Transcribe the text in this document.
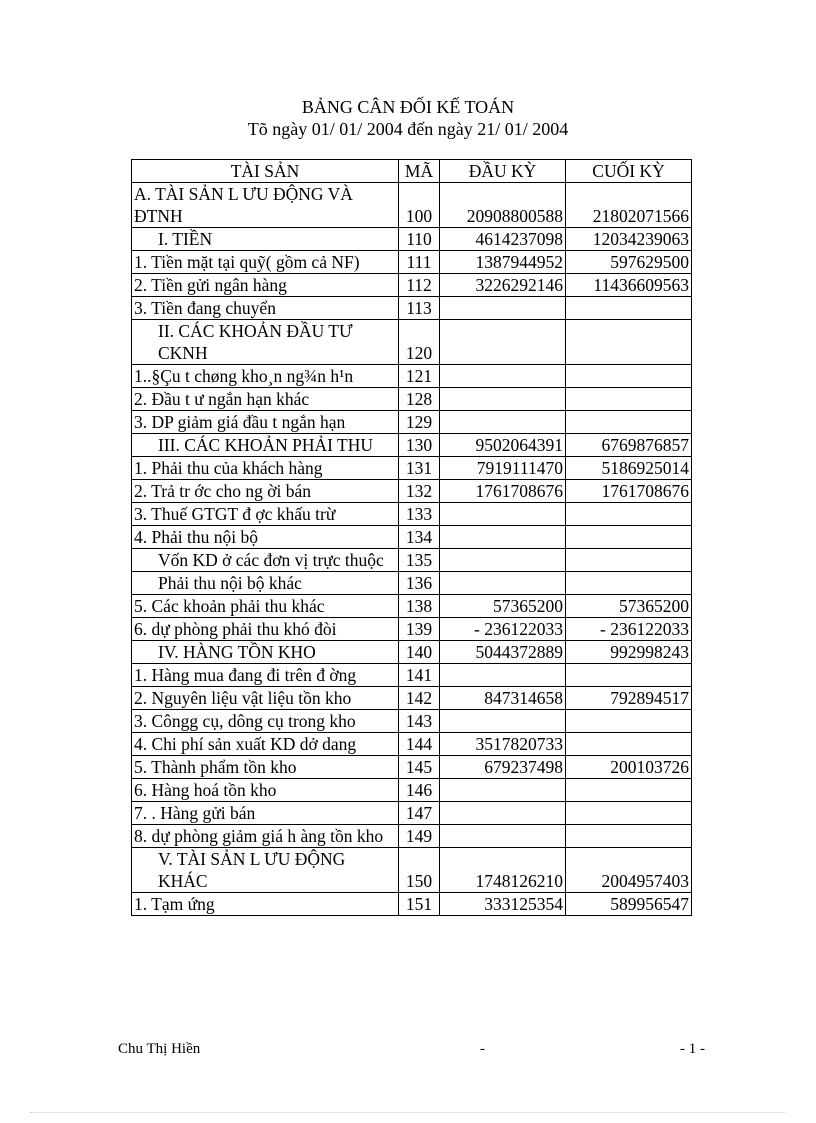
BẢNG CÂN ĐỐI KẾ TOÁN
Tõ ngày 01/ 01/ 2004 đến ngày 21/ 01/ 2004
TÀI SẢN	MÃ	ĐẦU KỲ	CUỐI KỲ

A. TÀI SẢN L ƯU ĐỘNG VÀ ĐTNH	100	20908800588	21802071566

I. TIỀN	110	4614237098	12034239063

1. Tiền mặt tại quỹ( gồm cả NF)	111	1387944952	597629500

2. Tiền gửi ngân hàng	112	3226292146	11436609563

3. Tiền đang chuyển	113		

II. CÁC KHOẢN ĐẦU TƯ CKNH	120		

1..§Çu t chøng kho¸n ng¾n h¹n	121		

2. Đầu t ư ngắn hạn khác	128		

3. DP giảm giá đầu t ngắn hạn	129		

III. CÁC KHOẢN PHẢI THU	130	9502064391	6769876857

1. Phải thu của khách hàng	131	7919111470	5186925014

2. Trả tr ớc cho ng ời bán	132	1761708676	1761708676

3. Thuế GTGT đ ợc khấu trừ	133		

4. Phải thu nội bộ	134		

Vốn KD ở các đơn vị trực thuộc	135		

Phải thu nội bộ khác	136		

5. Các khoản phải thu khác	138	57365200	57365200

6. dự phòng phải thu khó đòi	139	- 236122033	- 236122033

IV. HÀNG TỒN KHO	140	5044372889	992998243

1. Hàng mua đang đi trên đ ờng	141		

2. Nguyên liệu vật liệu tồn kho	142	847314658	792894517

3. Côngg cụ, dông cụ trong kho	143		

4. Chi phí sản xuất KD dở dang	144	3517820733	

5. Thành phẩm tồn kho	145	679237498	200103726

6. Hàng hoá tồn kho	146		

7. . Hàng gửi bán	147		

8. dự phòng giảm giá h àng tồn kho	149		

V. TÀI SẢN L ƯU ĐỘNG KHÁC	150	1748126210	2004957403

1. Tạm ứng	151	333125354	589956547
Chu Thị Hiền	-	- 1 -
